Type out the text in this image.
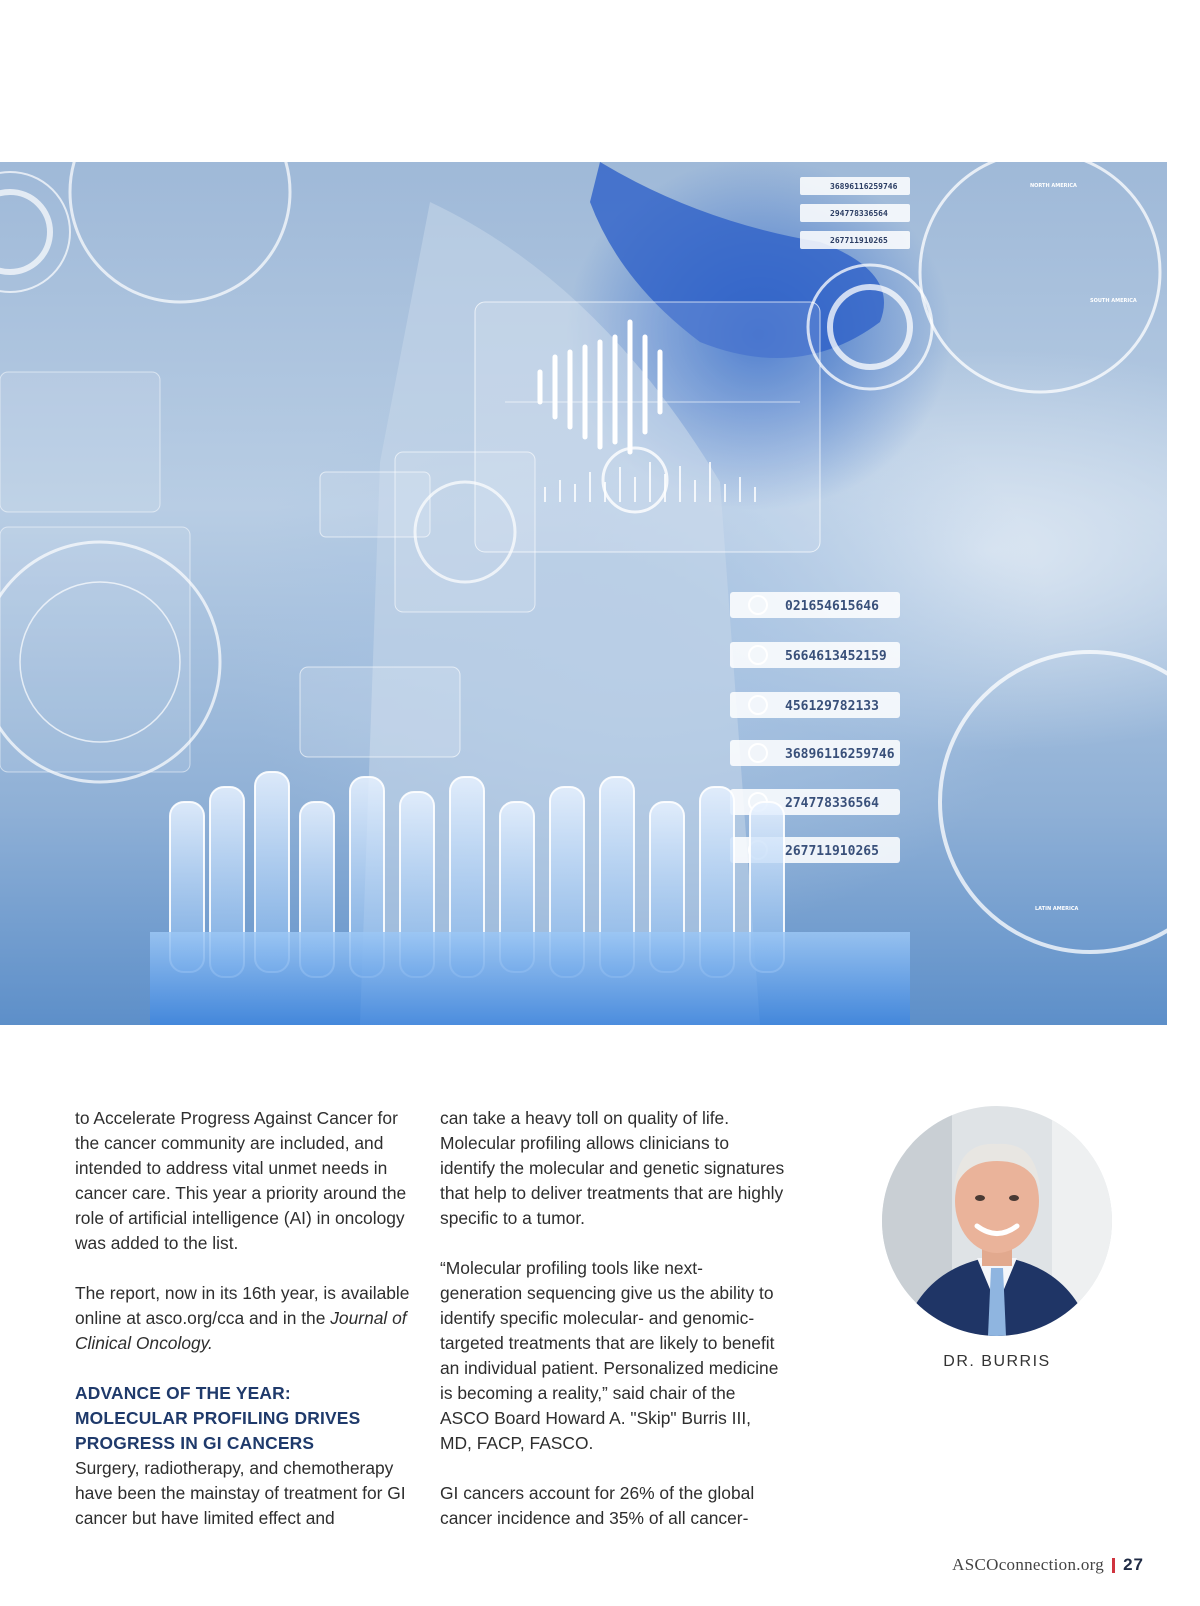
021654615646
5664613452159
456129782133
36896116259746
274778336564
267711910265
36896116259746
294778336564
267711910265
NORTH AMERICA
SOUTH AMERICA
LATIN AMERICA

to Accelerate Progress Against Cancer for the cancer community are included, and intended to address vital unmet needs in cancer care. This year a priority around the role of artificial intelligence (AI) in oncology was added to the list.

The report, now in its 16th year, is available online at asco.org/cca and in the Journal of Clinical Oncology.

ADVANCE OF THE YEAR:
MOLECULAR PROFILING DRIVES
PROGRESS IN GI CANCERS

Surgery, radiotherapy, and chemotherapy have been the mainstay of treatment for GI cancer but have limited effect and

can take a heavy toll on quality of life. Molecular profiling allows clinicians to identify the molecular and genetic signatures that help to deliver treatments that are highly specific to a tumor.

“Molecular profiling tools like next-generation sequencing give us the ability to identify specific molecular- and genomic-targeted treatments that are likely to benefit an individual patient. Personalized medicine is becoming a reality,” said chair of the ASCO Board Howard A. "Skip" Burris III, MD, FACP, FASCO.

GI cancers account for 26% of the global cancer incidence and 35% of all cancer-

DR. BURRIS
ASCOconnection.org 27
